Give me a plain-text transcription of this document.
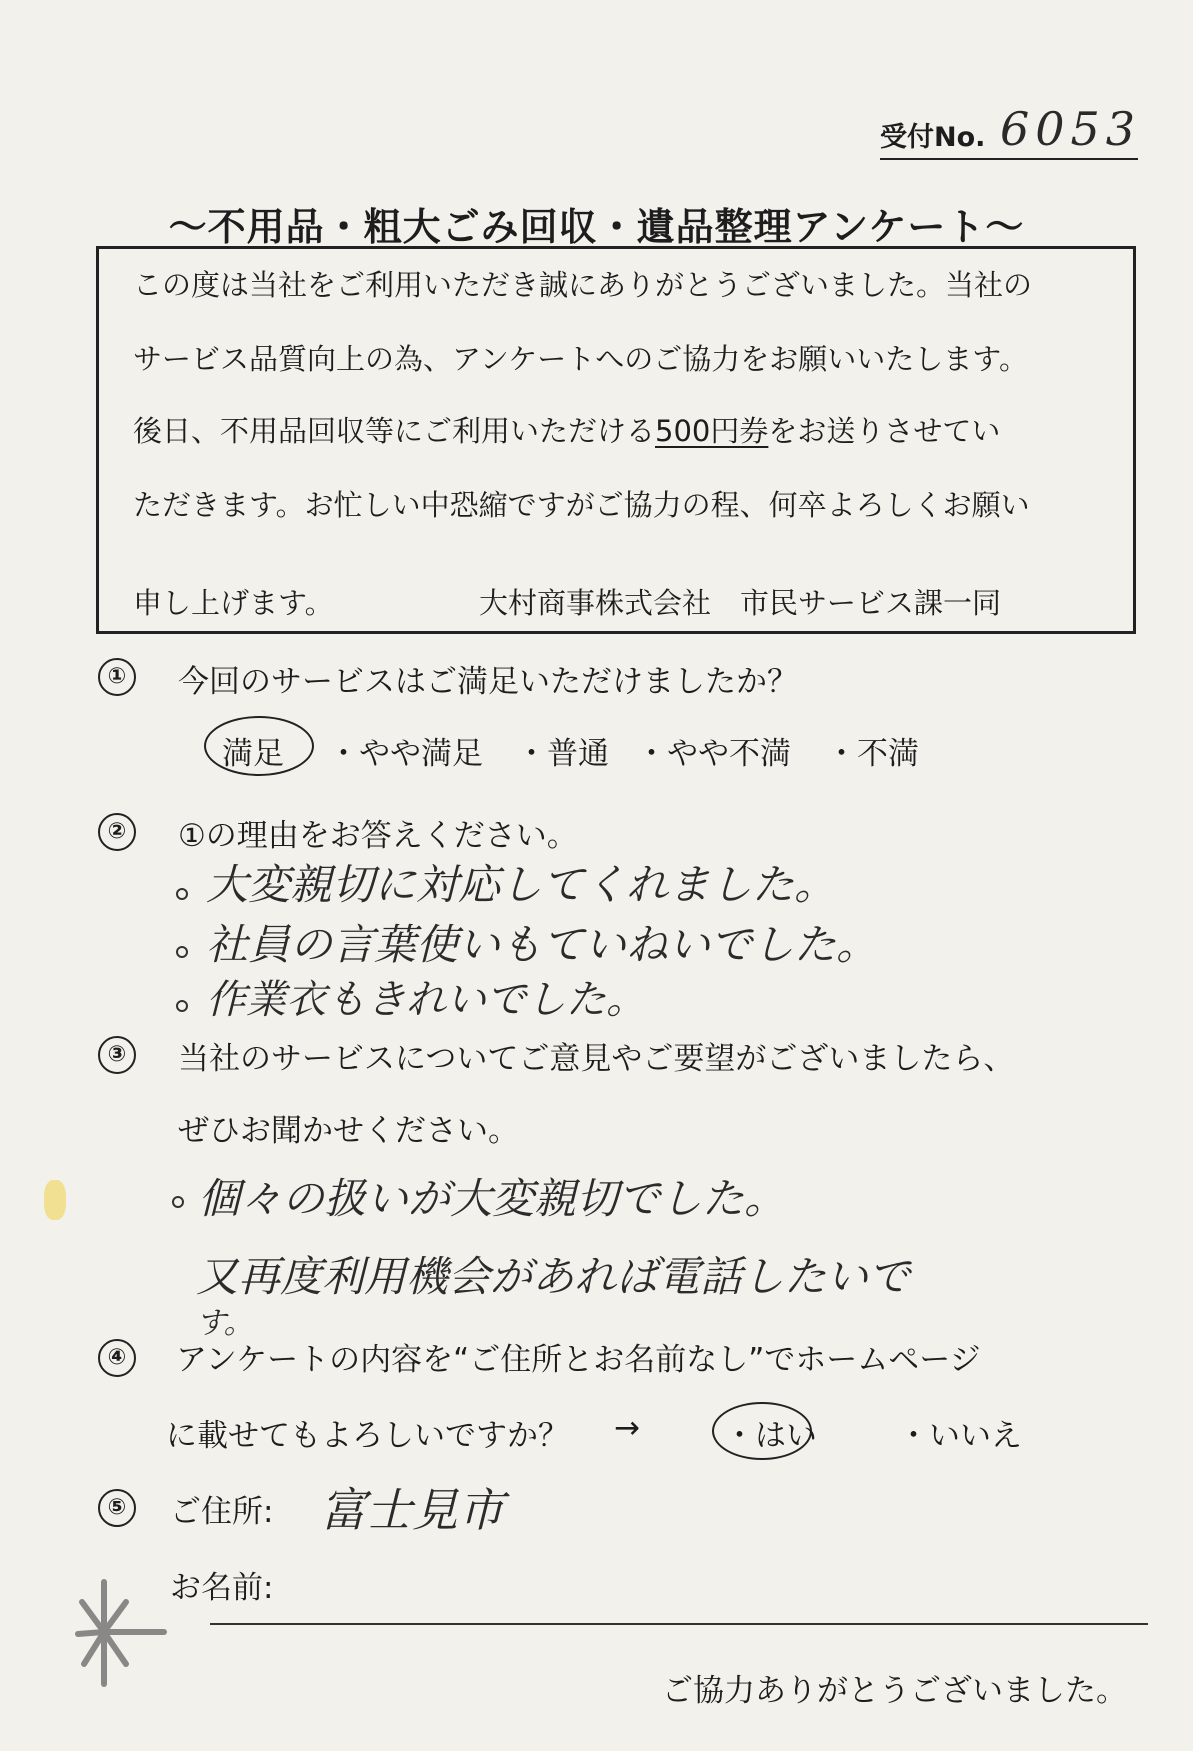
受付No. 6053
～不用品・粗大ごみ回収・遺品整理アンケート～
この度は当社をご利用いただき誠にありがとうございました。当社の
サービス品質向上の為、アンケートへのご協力をお願いいたします。
後日、不用品回収等にご利用いただける500円券をお送りさせてい
ただきます。お忙しい中恐縮ですがご協力の程、何卒よろしくお願い
申し上げます。	大村商事株式会社　市民サービス課一同
①	今回のサービスはご満足いただけましたか？
満足 ・やや満足 ・普通 ・やや不満 ・不満
②	①の理由をお答えください。
大変親切に対応してくれました。
社員の言葉使いもていねいでした。
作業衣もきれいでした。
③	当社のサービスについてご意見やご要望がございましたら、
ぜひお聞かせください。
個々の扱いが大変親切でした。
又再度利用機会があれば電話したいで
す。
④	アンケートの内容を“ご住所とお名前なし”でホームページ
に載せてもよろしいですか？ →	・はい	・いいえ
⑤	ご住所: 富士見市
お名前:
ご協力ありがとうございました。
